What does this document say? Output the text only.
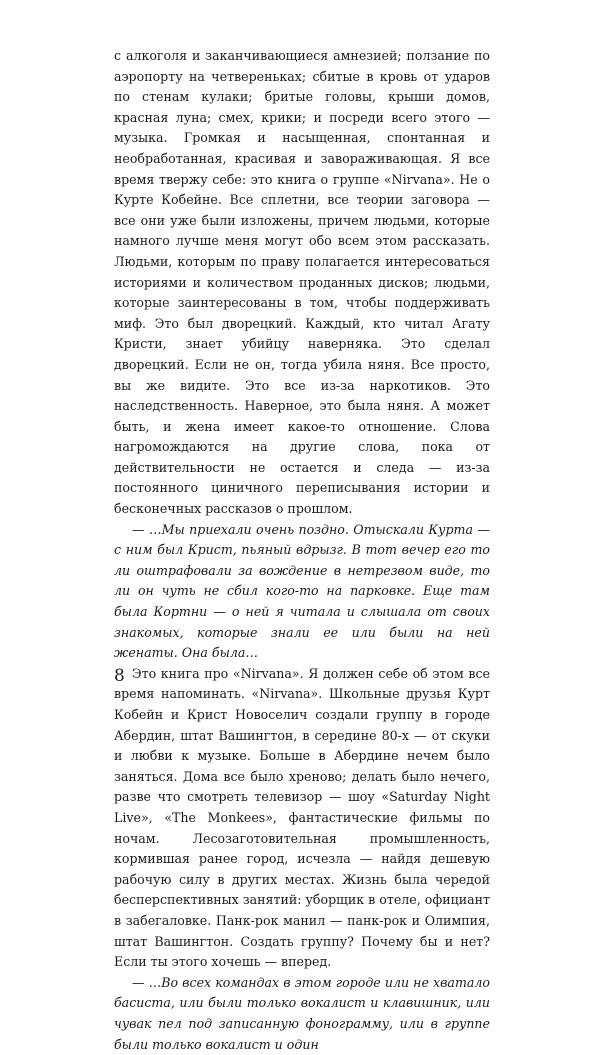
с алкоголя и заканчивающиеся амнезией; ползание по аэропорту на четвереньках; сбитые в кровь от ударов по стенам кулаки; бритые головы, крыши домов, красная луна; смех, крики; и посреди всего этого — музыка. Громкая и насыщенная, спонтанная и необработанная, красивая и завораживающая. Я все время твержу себе: это книга о группе «Nirvana». Не о Курте Кобейне. Все сплетни, все теории заговора — все они уже были изложены, причем людьми, которые намного лучше меня могут обо всем этом рассказать. Людьми, которым по праву полагается интересоваться историями и количеством проданных дисков; людьми, которые заинтересованы в том, чтобы поддерживать миф. Это был дворецкий. Каждый, кто читал Агату Кристи, знает убийцу наверняка. Это сделал дворецкий. Если не он, тогда убила няня. Все просто, вы же видите. Это все из-за наркотиков. Это наследственность. Наверное, это была няня. А может быть, и жена имеет какое-то отношение. Слова нагромождаются на другие слова, пока от действительности не остается и следа — из-за постоянного циничного переписывания истории и бесконечных рассказов о прошлом.

— …Мы приехали очень поздно. Отыскали Курта — с ним был Крист, пьяный вдрызг. В тот вечер его то ли оштрафовали за вождение в нетрезвом виде, то ли он чуть не сбил кого-то на парковке. Еще там была Кортни — о ней я читала и слышала от своих знакомых, которые знали ее или были на ней женаты. Она была…

Это книга про «Nirvana». Я должен себе об этом все время напоминать. «Nirvana». Школьные друзья Курт Кобейн и Крист Новоселич создали группу в городе Абердин, штат Вашингтон, в середине 80-х — от скуки и любви к музыке. Больше в Абердине нечем было заняться. Дома все было хреново; делать было нечего, разве что смотреть телевизор — шоу «Saturday Night Live», «The Monkees», фантастические фильмы по ночам. Лесозаготовительная промышленность, кормившая ранее город, исчезла — найдя дешевую рабочую силу в других местах. Жизнь была чередой бесперспективных занятий: уборщик в отеле, официант в забегаловке. Панк-рок манил — панк-рок и Олимпия, штат Вашингтон. Создать группу? Почему бы и нет? Если ты этого хочешь — вперед.

— …Во всех командах в этом городе или не хватало басиста, или были только вокалист и клавишник, или чувак пел под записанную фонограмму, или в группе были только вокалист и один

8
